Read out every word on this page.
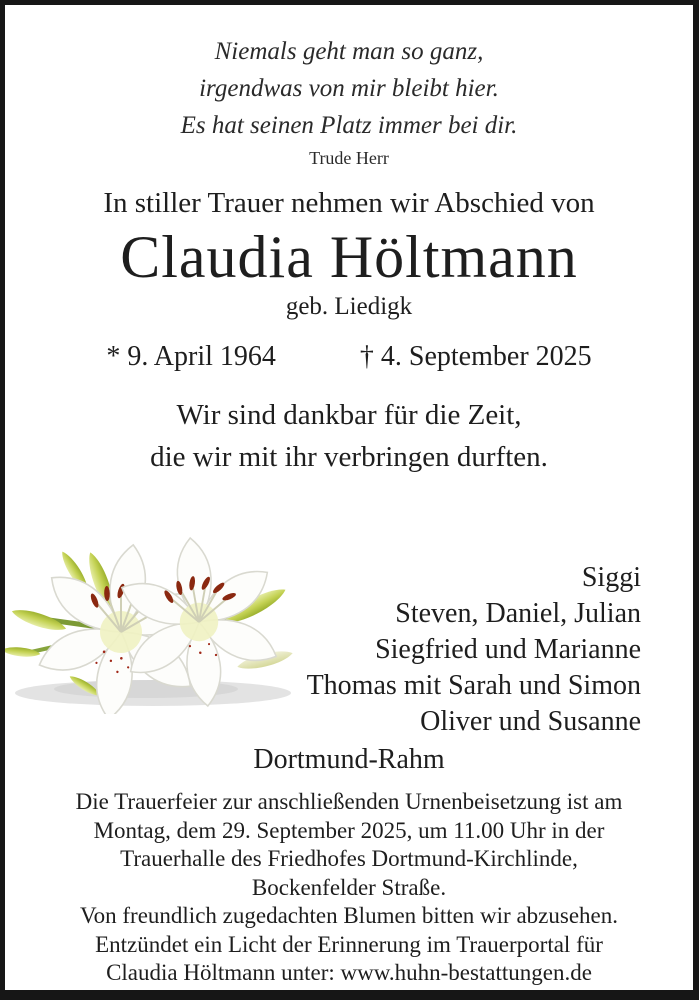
Niemals geht man so ganz,
irgendwas von mir bleibt hier.
Es hat seinen Platz immer bei dir.
Trude Herr
In stiller Trauer nehmen wir Abschied von
Claudia Höltmann
geb. Liedigk
* 9. April 1964	† 4. September 2025
Wir sind dankbar für die Zeit,
die wir mit ihr verbringen durften.
Siggi
Steven, Daniel, Julian
Siegfried und Marianne
Thomas mit Sarah und Simon
Oliver und Susanne
Dortmund-Rahm
Die Trauerfeier zur anschließenden Urnenbeisetzung ist am
Montag, dem 29. September 2025, um 11.00 Uhr in der
Trauerhalle des Friedhofes Dortmund-Kirchlinde,
Bockenfelder Straße.
Von freundlich zugedachten Blumen bitten wir abzusehen.
Entzündet ein Licht der Erinnerung im Trauerportal für
Claudia Höltmann unter: www.huhn-bestattungen.de
